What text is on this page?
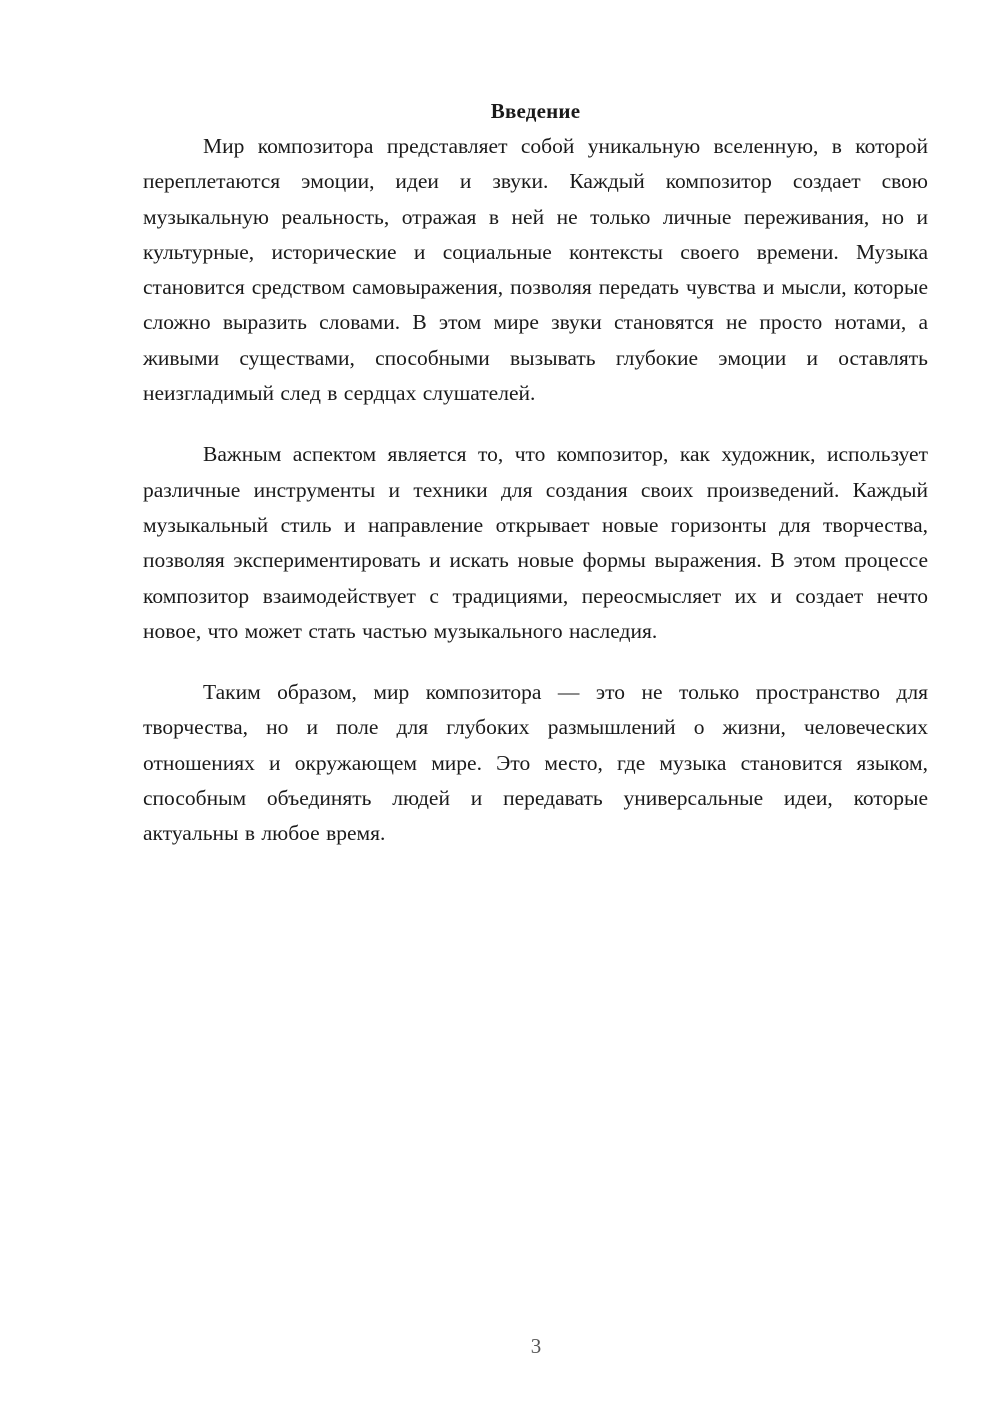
Введение

Мир композитора представляет собой уникальную вселенную, в которой переплетаются эмоции, идеи и звуки. Каждый композитор создает свою музыкальную реальность, отражая в ней не только личные переживания, но и культурные, исторические и социальные контексты своего времени. Музыка становится средством самовыражения, позволяя передать чувства и мысли, которые сложно выразить словами. В этом мире звуки становятся не просто нотами, а живыми существами, способными вызывать глубокие эмоции и оставлять неизгладимый след в сердцах слушателей.

Важным аспектом является то, что композитор, как художник, использует различные инструменты и техники для создания своих произведений. Каждый музыкальный стиль и направление открывает новые горизонты для творчества, позволяя экспериментировать и искать новые формы выражения. В этом процессе композитор взаимодействует с традициями, переосмысляет их и создает нечто новое, что может стать частью музыкального наследия.

Таким образом, мир композитора — это не только пространство для творчества, но и поле для глубоких размышлений о жизни, человеческих отношениях и окружающем мире. Это место, где музыка становится языком, способным объединять людей и передавать универсальные идеи, которые актуальны в любое время.

3
